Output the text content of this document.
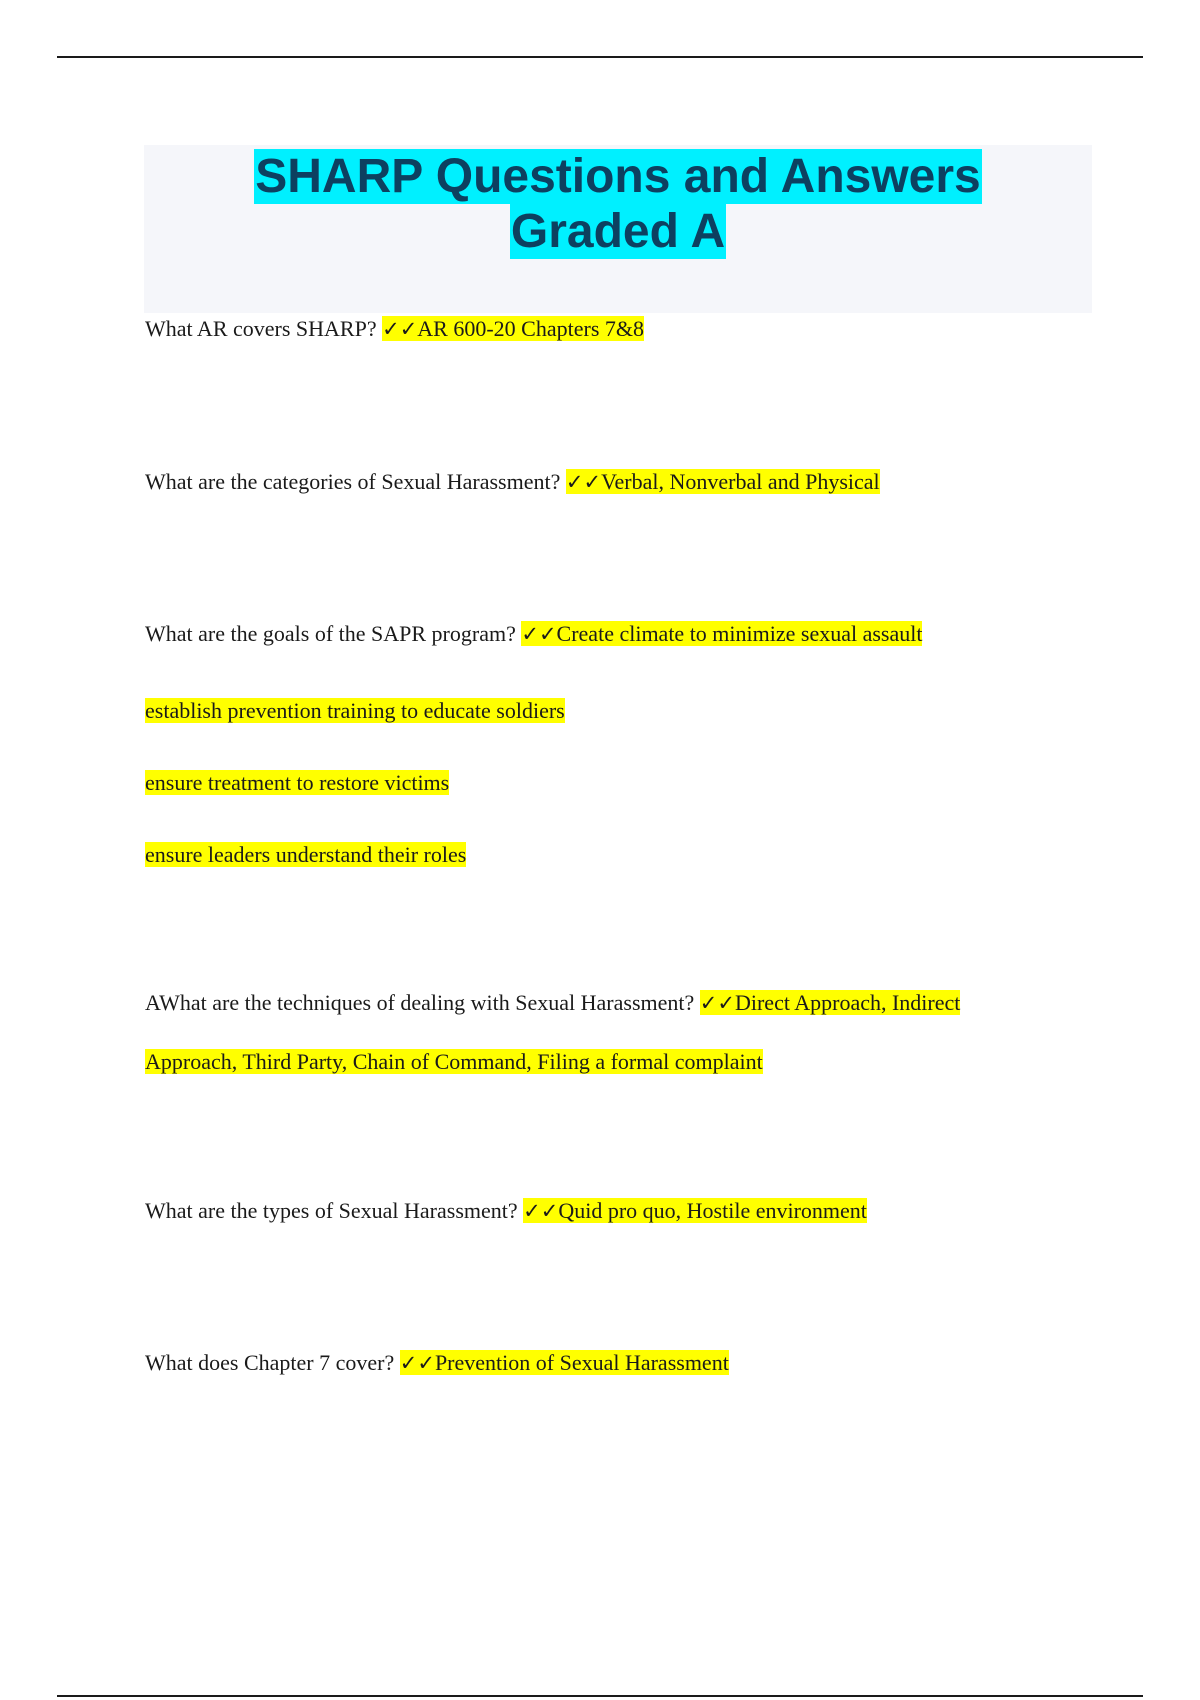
SHARP Questions and Answers
Graded A
What AR covers SHARP? ✓✓AR 600-20 Chapters 7&8
What are the categories of Sexual Harassment? ✓✓Verbal, Nonverbal and Physical
What are the goals of the SAPR program? ✓✓Create climate to minimize sexual assault
establish prevention training to educate soldiers
ensure treatment to restore victims
ensure leaders understand their roles
AWhat are the techniques of dealing with Sexual Harassment? ✓✓Direct Approach, Indirect
Approach, Third Party, Chain of Command, Filing a formal complaint
What are the types of Sexual Harassment? ✓✓Quid pro quo, Hostile environment
What does Chapter 7 cover? ✓✓Prevention of Sexual Harassment
